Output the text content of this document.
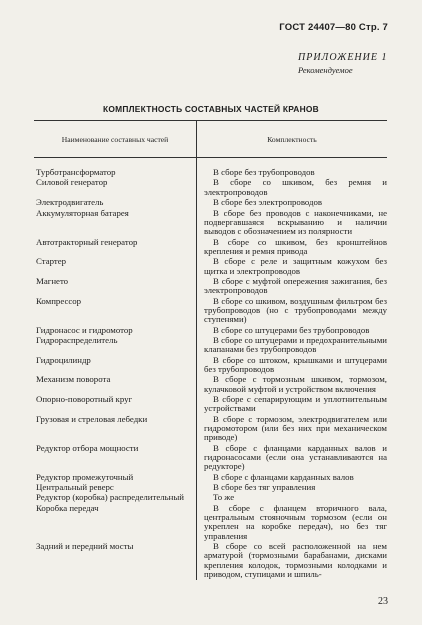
ГОСТ 24407—80 Стр. 7
ПРИЛОЖЕНИЕ 1
Рекомендуемое
КОМПЛЕКТНОСТЬ СОСТАВНЫХ ЧАСТЕЙ КРАНОВ
Наименование составных частей	Комплектность

Турботрансформатор	В сборе без трубопроводов

Силовой генератор	В сборе со шкивом, без ремня и электропроводов

Электродвигатель	В сборе без электропроводов

Аккумуляторная батарея	В сборе без проводов с наконечниками, не подвергавшаяся вскрыванию и наличии выводов с обозначением из полярности

Автотракторный генератор	В сборе со шкивом, без кронштейнов крепления и ремня привода

Стартер	В сборе с реле и защитным кожухом без щитка и электропроводов

Магнето	В сборе с муфтой опережения зажигания, без электропроводов

Компрессор	В сборе со шкивом, воздушным фильтром без трубопроводов (но с трубопроводами между ступенями)

Гидронасос и гидромотор	В сборе со штуцерами без трубопроводов

Гидрораспределитель	В сборе со штуцерами и предохранительными клапанами без трубопроводов

Гидроцилиндр	В сборе со штоком, крышками и штуцерами без трубопроводов

Механизм поворота	В сборе с тормозным шкивом, тормозом, кулачковой муфтой и устройством включения

Опорно-поворотный круг	В сборе с сепарирующим и уплотнительным устройствами

Грузовая и стреловая лебедки	В сборе с тормозом, электродвигателем или гидромотором (или без них при механическом приводе)

Редуктор отбора мощности	В сборе с фланцами карданных валов и гидронасосами (если она устанавливаются на редукторе)

Редуктор промежуточный	В сборе с фланцами карданных валов

Центральный реверс	В сборе без тяг управления

Редуктор (коробка) распределительный	То же

Коробка передач	В сборе с фланцем вторичного вала, центральным стояночным тормозом (если он укреплен на коробке передач), но без тяг управления

Задний и передний мосты	В сборе со всей расположенной на нем арматурой (тормозными барабанами, дисками крепления колодок, тормозными колодками и приводом, ступицами и шпиль-
23
